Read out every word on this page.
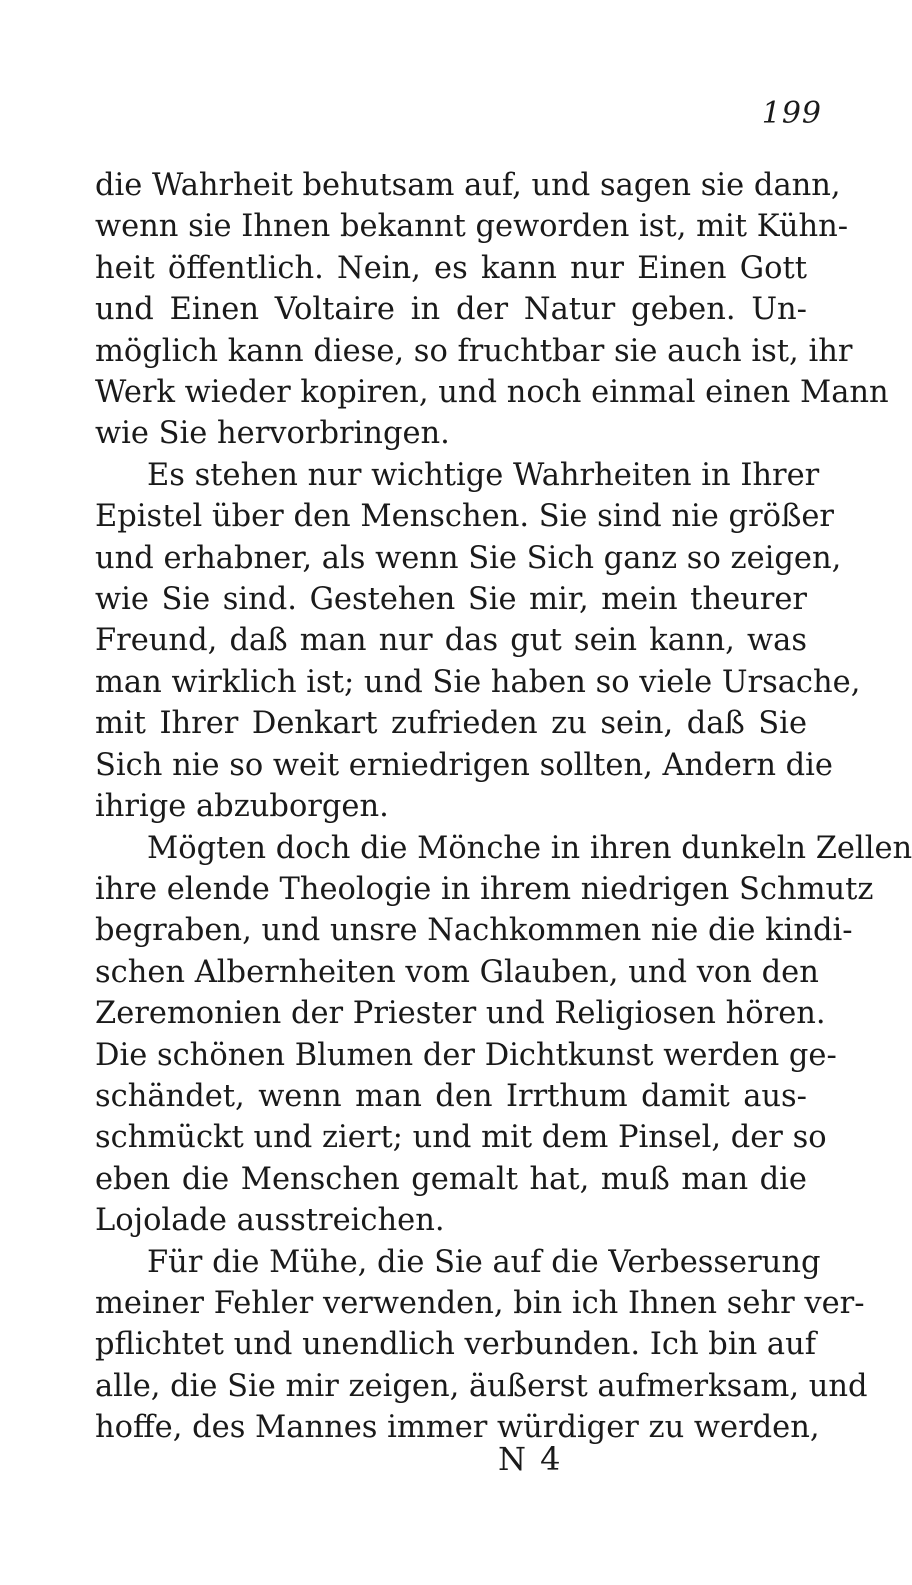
199

die Wahrheit behutsam auf, und sagen sie dann,
wenn sie Ihnen bekannt geworden ist, mit Kühn-
heit öffentlich. Nein, es kann nur Einen Gott
und Einen Voltaire in der Natur geben. Un-
möglich kann diese, so fruchtbar sie auch ist, ihr
Werk wieder kopiren, und noch einmal einen Mann
wie Sie hervorbringen.

Es stehen nur wichtige Wahrheiten in Ihrer
Epistel über den Menschen. Sie sind nie größer
und erhabner, als wenn Sie Sich ganz so zeigen,
wie Sie sind. Gestehen Sie mir, mein theurer
Freund, daß man nur das gut sein kann, was
man wirklich ist; und Sie haben so viele Ursache,
mit Ihrer Denkart zufrieden zu sein, daß Sie
Sich nie so weit erniedrigen sollten, Andern die
ihrige abzuborgen.

Mögten doch die Mönche in ihren dunkeln Zellen
ihre elende Theologie in ihrem niedrigen Schmutz
begraben, und unsre Nachkommen nie die kindi-
schen Albernheiten vom Glauben, und von den
Zeremonien der Priester und Religiosen hören.
Die schönen Blumen der Dichtkunst werden ge-
schändet, wenn man den Irrthum damit aus-
schmückt und ziert; und mit dem Pinsel, der so
eben die Menschen gemalt hat, muß man die
Lojolade ausstreichen.

Für die Mühe, die Sie auf die Verbesserung
meiner Fehler verwenden, bin ich Ihnen sehr ver-
pflichtet und unendlich verbunden. Ich bin auf
alle, die Sie mir zeigen, äußerst aufmerksam, und
hoffe, des Mannes immer würdiger zu werden,

N 4
